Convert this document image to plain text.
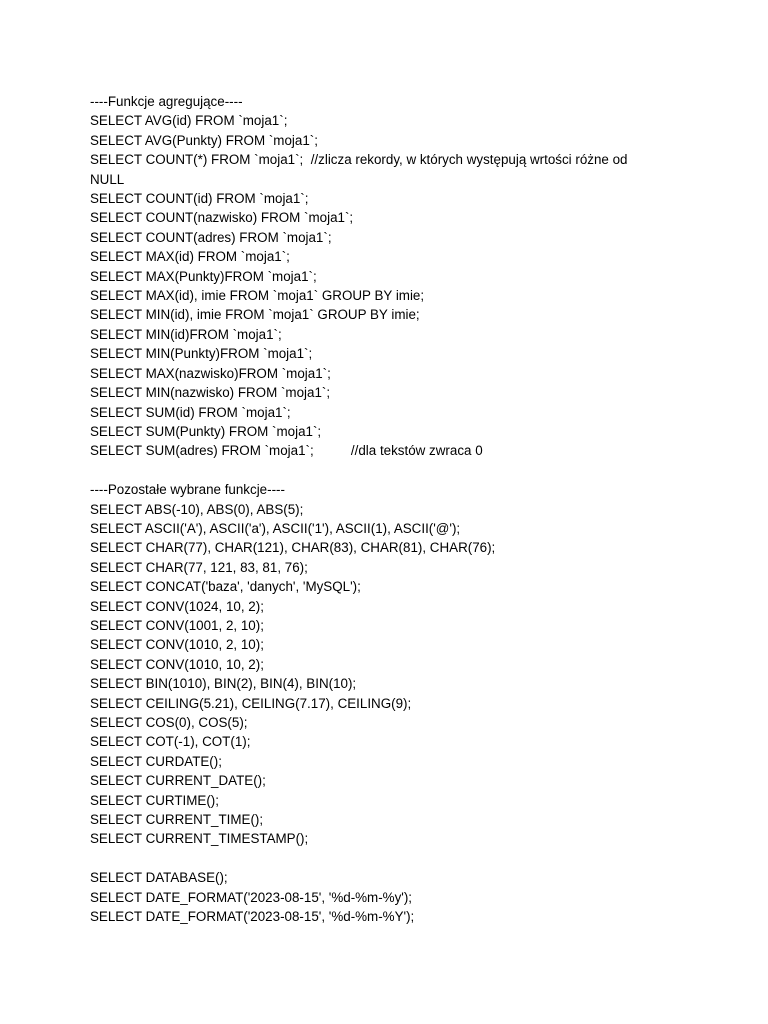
----Funkcje agregujące----
SELECT AVG(id) FROM `moja1`;
SELECT AVG(Punkty) FROM `moja1`;
SELECT COUNT(*) FROM `moja1`;  //zlicza rekordy, w których występują wrtości różne od
NULL
SELECT COUNT(id) FROM `moja1`;
SELECT COUNT(nazwisko) FROM `moja1`;
SELECT COUNT(adres) FROM `moja1`;
SELECT MAX(id) FROM `moja1`;
SELECT MAX(Punkty)FROM `moja1`;
SELECT MAX(id), imie FROM `moja1` GROUP BY imie;
SELECT MIN(id), imie FROM `moja1` GROUP BY imie;
SELECT MIN(id)FROM `moja1`;
SELECT MIN(Punkty)FROM `moja1`;
SELECT MAX(nazwisko)FROM `moja1`;
SELECT MIN(nazwisko) FROM `moja1`;
SELECT SUM(id) FROM `moja1`;
SELECT SUM(Punkty) FROM `moja1`;
SELECT SUM(adres) FROM `moja1`;          //dla tekstów zwraca 0
----Pozostałe wybrane funkcje----
SELECT ABS(-10), ABS(0), ABS(5);
SELECT ASCII('A'), ASCII('a'), ASCII('1'), ASCII(1), ASCII('@');
SELECT CHAR(77), CHAR(121), CHAR(83), CHAR(81), CHAR(76);
SELECT CHAR(77, 121, 83, 81, 76);
SELECT CONCAT('baza', 'danych', 'MySQL');
SELECT CONV(1024, 10, 2);
SELECT CONV(1001, 2, 10);
SELECT CONV(1010, 2, 10);
SELECT CONV(1010, 10, 2);
SELECT BIN(1010), BIN(2), BIN(4), BIN(10);
SELECT CEILING(5.21), CEILING(7.17), CEILING(9);
SELECT COS(0), COS(5);
SELECT COT(-1), COT(1);
SELECT CURDATE();
SELECT CURRENT_DATE();
SELECT CURTIME();
SELECT CURRENT_TIME();
SELECT CURRENT_TIMESTAMP();
SELECT DATABASE();
SELECT DATE_FORMAT('2023-08-15', '%d-%m-%y');
SELECT DATE_FORMAT('2023-08-15', '%d-%m-%Y');
